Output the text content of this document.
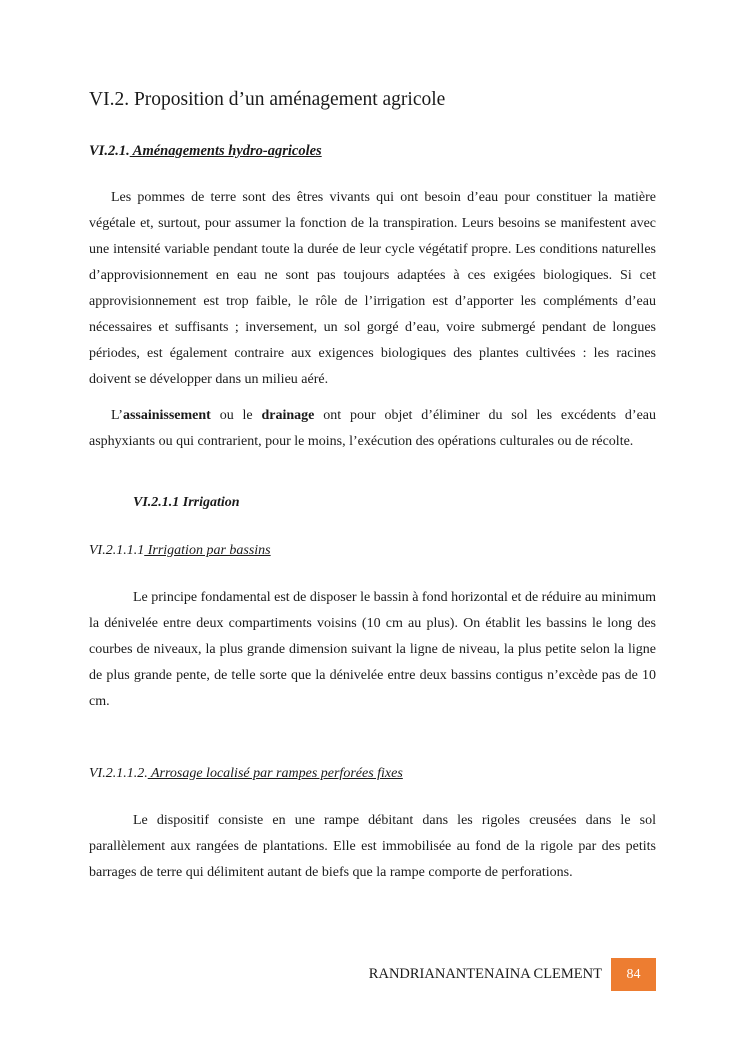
VI.2. Proposition d’un aménagement agricole
VI.2.1. Aménagements hydro-agricoles

Les pommes de terre sont des êtres vivants qui ont besoin d’eau pour constituer la matière végétale et, surtout, pour assumer la fonction de la transpiration. Leurs besoins se manifestent avec une intensité variable pendant toute la durée de leur cycle végétatif propre. Les conditions naturelles d’approvisionnement en eau ne sont pas toujours adaptées à ces exigées biologiques. Si cet approvisionnement est trop faible, le rôle de l’irrigation est d’apporter les compléments d’eau nécessaires et suffisants ; inversement, un sol gorgé d’eau, voire submergé pendant de longues périodes, est également contraire aux exigences biologiques des plantes cultivées : les racines doivent se développer dans un milieu aéré.

L’assainissement ou le drainage ont pour objet d’éliminer du sol les excédents d’eau asphyxiants ou qui contrarient, pour le moins, l’exécution des opérations culturales ou de récolte.

VI.2.1.1 Irrigation
VI.2.1.1.1 Irrigation par bassins

Le principe fondamental est de disposer le bassin à fond horizontal et de réduire au minimum la dénivelée entre deux compartiments voisins (10 cm au plus). On établit les bassins le long des courbes de niveaux, la plus grande dimension suivant la ligne de niveau, la plus petite selon la ligne de plus grande pente, de telle sorte que la dénivelée entre deux bassins contigus n’excède pas de 10 cm.

VI.2.1.1.2. Arrosage localisé par rampes perforées fixes

Le dispositif consiste en une rampe débitant dans les rigoles creusées dans le sol parallèlement aux rangées de plantations. Elle est immobilisée au fond de la rigole par des petits barrages de terre qui délimitent autant de biefs que la rampe comporte de perforations.

RANDRIANANTENAINA CLEMENT	84
